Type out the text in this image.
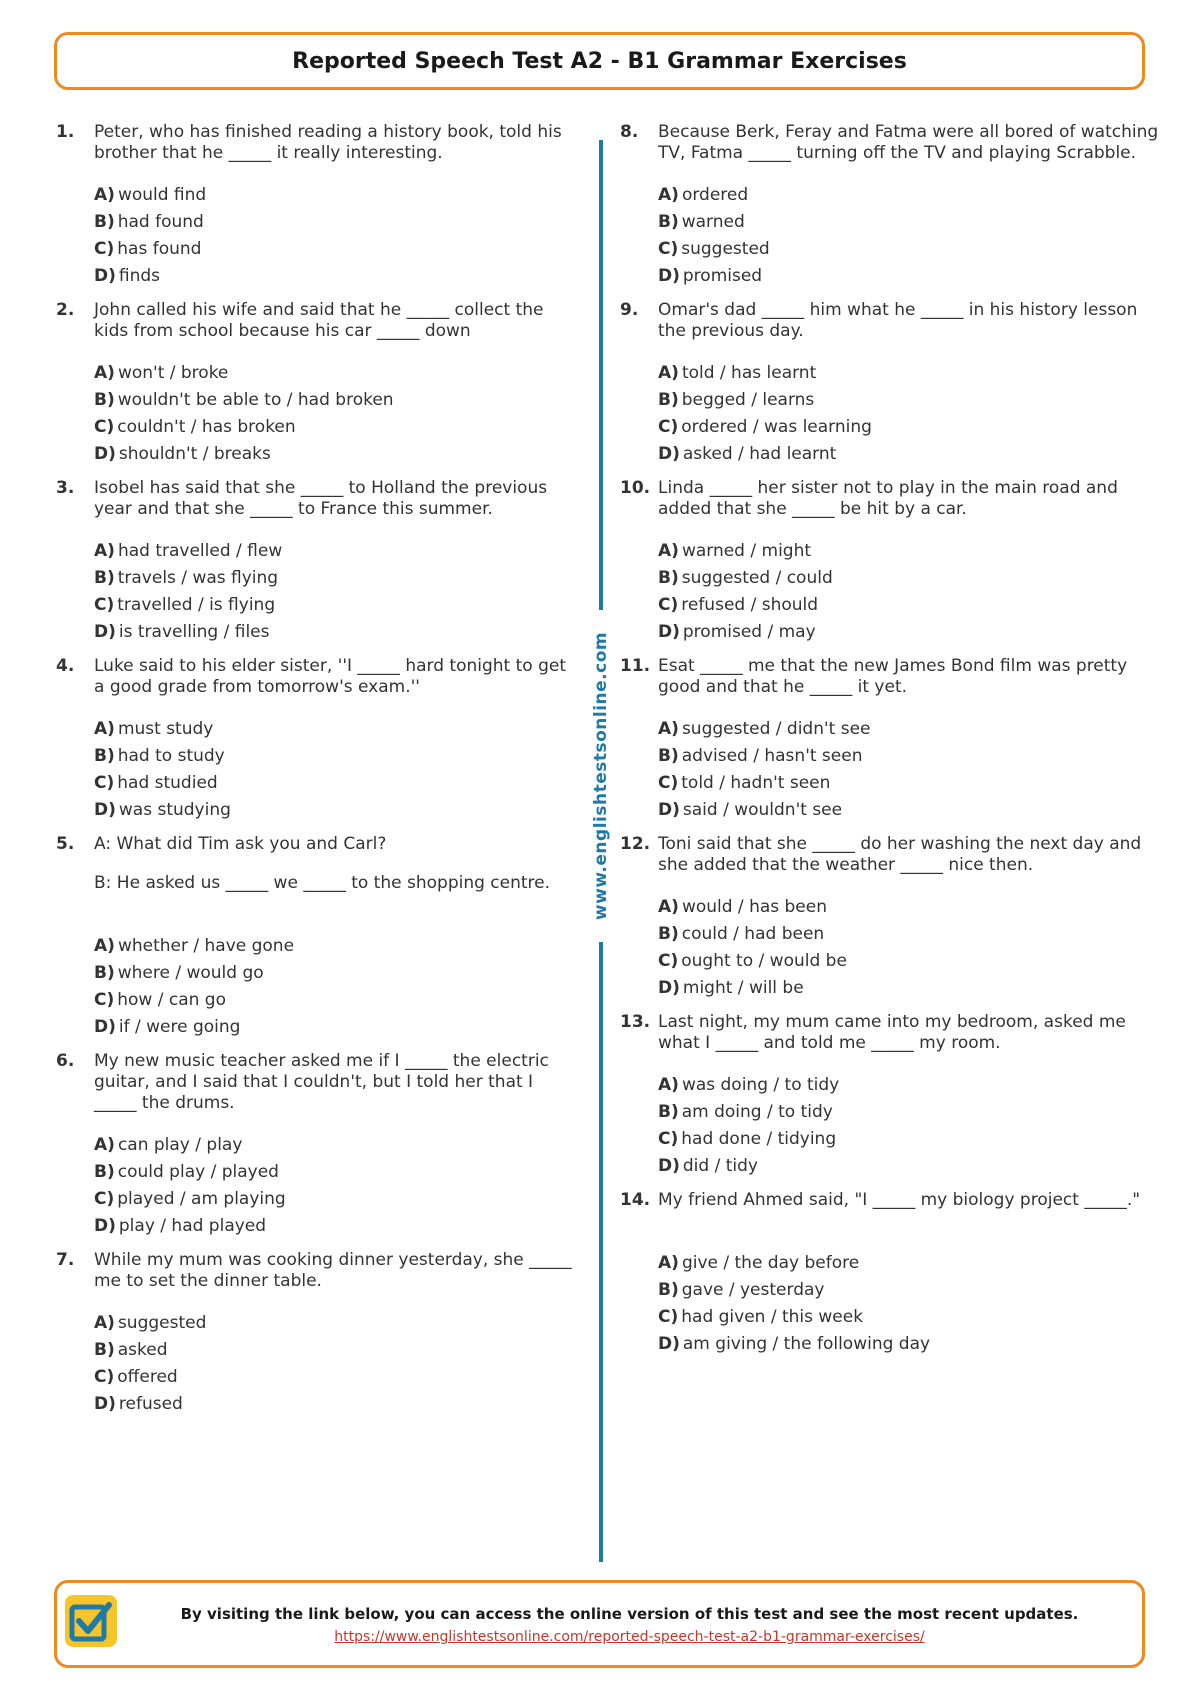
Reported Speech Test A2 - B1 Grammar Exercises
1. Peter, who has finished reading a history book, told his brother that he _____ it really interesting.
A) would find
B) had found
C) has found
D) finds
2. John called his wife and said that he _____ collect the kids from school because his car _____ down
A) won't / broke
B) wouldn't be able to / had broken
C) couldn't / has broken
D) shouldn't / breaks
3. Isobel has said that she _____ to Holland the previous year and that she _____ to France this summer.
A) had travelled / flew
B) travels / was flying
C) travelled / is flying
D) is travelling / files
4. Luke said to his elder sister, ''I _____ hard tonight to get a good grade from tomorrow's exam.''
A) must study
B) had to study
C) had studied
D) was studying
5. A: What did Tim ask you and Carl?
B: He asked us _____ we _____ to the shopping centre.
A) whether / have gone
B) where / would go
C) how / can go
D) if / were going
6. My new music teacher asked me if I _____ the electric guitar, and I said that I couldn't, but I told her that I _____ the drums.
A) can play / play
B) could play / played
C) played / am playing
D) play / had played
7. While my mum was cooking dinner yesterday, she _____ me to set the dinner table.
A) suggested
B) asked
C) offered
D) refused
8. Because Berk, Feray and Fatma were all bored of watching TV, Fatma _____ turning off the TV and playing Scrabble.
A) ordered
B) warned
C) suggested
D) promised
9. Omar's dad _____ him what he _____ in his history lesson the previous day.
A) told / has learnt
B) begged / learns
C) ordered / was learning
D) asked / had learnt
10. Linda _____ her sister not to play in the main road and added that she _____ be hit by a car.
A) warned / might
B) suggested / could
C) refused / should
D) promised / may
11. Esat _____ me that the new James Bond film was pretty good and that he _____ it yet.
A) suggested / didn't see
B) advised / hasn't seen
C) told / hadn't seen
D) said / wouldn't see
12. Toni said that she _____ do her washing the next day and she added that the weather _____ nice then.
A) would / has been
B) could / had been
C) ought to / would be
D) might / will be
13. Last night, my mum came into my bedroom, asked me what I _____ and told me _____ my room.
A) was doing / to tidy
B) am doing / to tidy
C) had done / tidying
D) did / tidy
14. My friend Ahmed said, "I _____ my biology project _____."
A) give / the day before
B) gave / yesterday
C) had given / this week
D) am giving / the following day
www.englishtestsonline.com
By visiting the link below, you can access the online version of this test and see the most recent updates.
https://www.englishtestsonline.com/reported-speech-test-a2-b1-grammar-exercises/
